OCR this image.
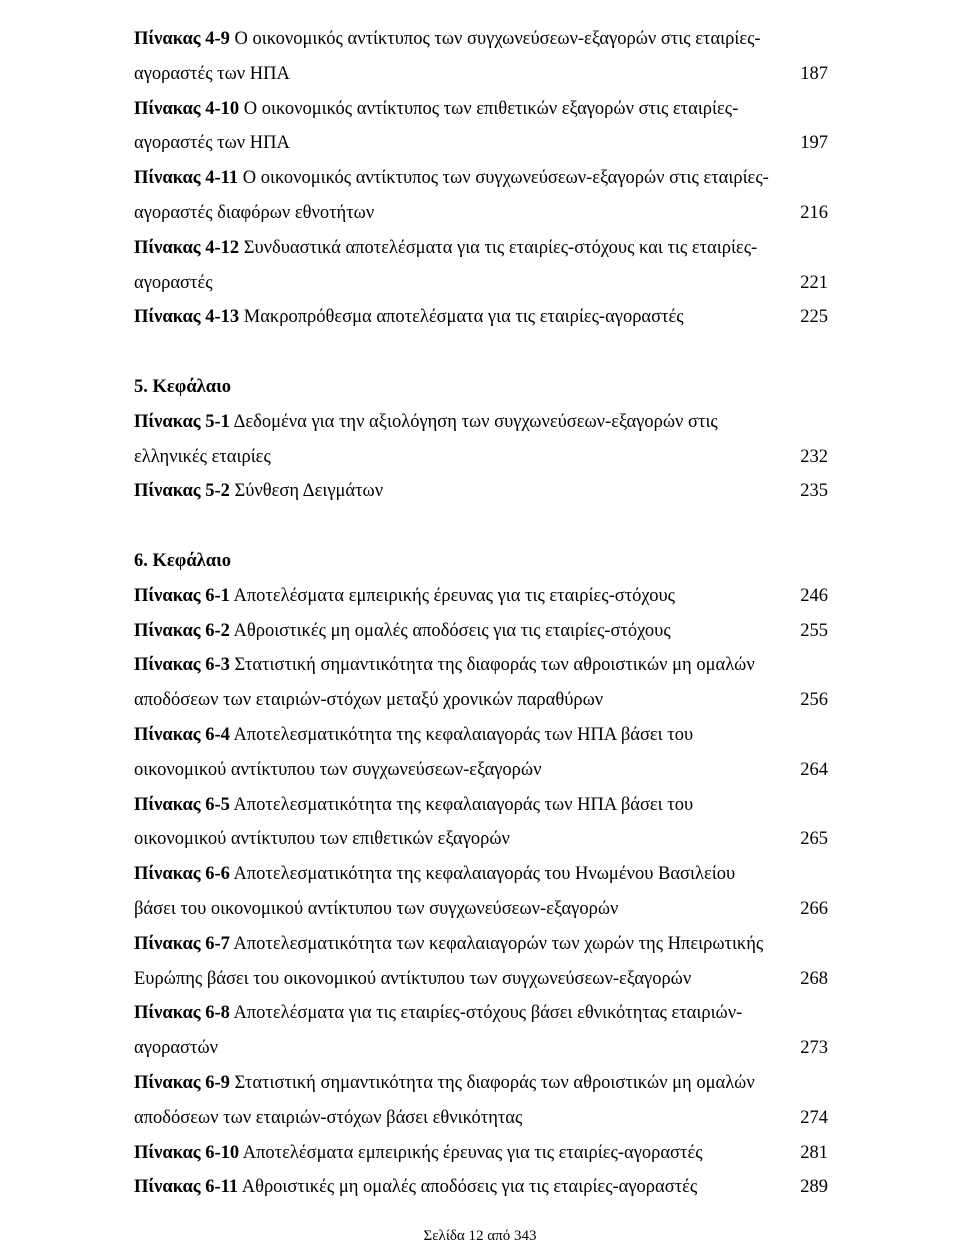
Πίνακας 4-9 Ο οικονομικός αντίκτυπος των συγχωνεύσεων-εξαγορών στις εταιρίες-
αγοραστές των ΗΠΑ	187
Πίνακας 4-10 Ο οικονομικός αντίκτυπος των επιθετικών εξαγορών στις εταιρίες-
αγοραστές των ΗΠΑ	197
Πίνακας 4-11 Ο οικονομικός αντίκτυπος των συγχωνεύσεων-εξαγορών στις εταιρίες-
αγοραστές διαφόρων εθνοτήτων	216
Πίνακας 4-12 Συνδυαστικά αποτελέσματα για τις εταιρίες-στόχους και τις εταιρίες-
αγοραστές	221
Πίνακας 4-13 Μακροπρόθεσμα αποτελέσματα για τις εταιρίες-αγοραστές	225
5. Κεφάλαιο
Πίνακας 5-1 Δεδομένα για την αξιολόγηση των συγχωνεύσεων-εξαγορών στις
ελληνικές εταιρίες	232
Πίνακας 5-2 Σύνθεση Δειγμάτων	235
6. Κεφάλαιο
Πίνακας 6-1 Αποτελέσματα εμπειρικής έρευνας για τις εταιρίες-στόχους	246
Πίνακας 6-2 Αθροιστικές μη ομαλές αποδόσεις για τις εταιρίες-στόχους	255
Πίνακας 6-3 Στατιστική σημαντικότητα της διαφοράς των αθροιστικών μη ομαλών
αποδόσεων των εταιριών-στόχων μεταξύ χρονικών παραθύρων	256
Πίνακας 6-4 Αποτελεσματικότητα της κεφαλαιαγοράς των ΗΠΑ βάσει του
οικονομικού αντίκτυπου των συγχωνεύσεων-εξαγορών	264
Πίνακας 6-5 Αποτελεσματικότητα της κεφαλαιαγοράς των ΗΠΑ βάσει του
οικονομικού αντίκτυπου των επιθετικών εξαγορών	265
Πίνακας 6-6 Αποτελεσματικότητα της κεφαλαιαγοράς του Ηνωμένου Βασιλείου
βάσει του οικονομικού αντίκτυπου των συγχωνεύσεων-εξαγορών	266
Πίνακας 6-7 Αποτελεσματικότητα των κεφαλαιαγορών των χωρών της Ηπειρωτικής
Ευρώπης βάσει του οικονομικού αντίκτυπου των συγχωνεύσεων-εξαγορών	268
Πίνακας 6-8 Αποτελέσματα για τις εταιρίες-στόχους βάσει εθνικότητας εταιριών-
αγοραστών	273
Πίνακας 6-9 Στατιστική σημαντικότητα της διαφοράς των αθροιστικών μη ομαλών
αποδόσεων των εταιριών-στόχων βάσει εθνικότητας	274
Πίνακας 6-10 Αποτελέσματα εμπειρικής έρευνας για τις εταιρίες-αγοραστές	281
Πίνακας 6-11 Αθροιστικές μη ομαλές αποδόσεις για τις εταιρίες-αγοραστές	289
Σελίδα 12 από 343
